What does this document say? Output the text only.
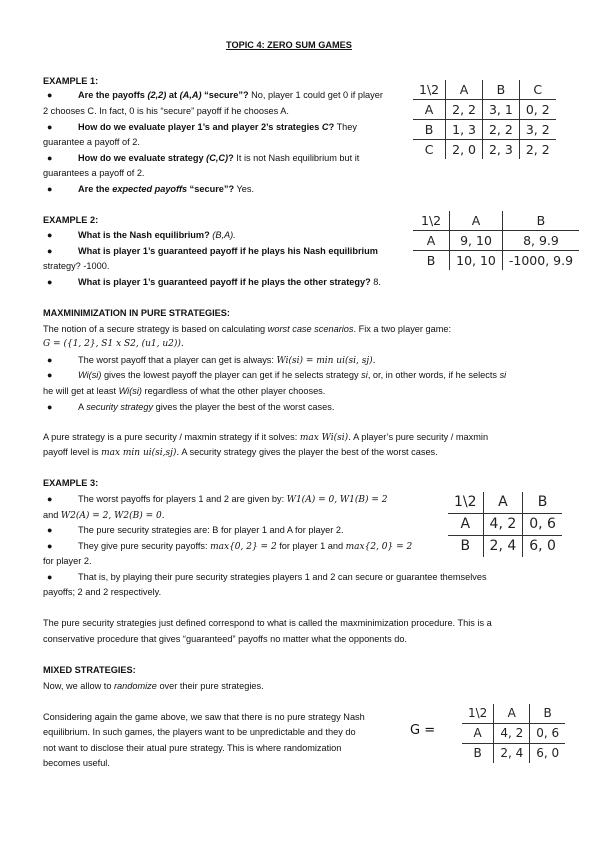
TOPIC 4: ZERO SUM GAMES
EXAMPLE 1:
●	Are the payoffs (2,2) at (A,A) “secure”? No, player 1 could get 0 if player
2 chooses C. In fact, 0 is his “secure” payoff if he chooses A.
●	How do we evaluate player 1’s and player 2’s strategies C? They
guarantee a payoff of 2.
●	How do we evaluate strategy (C,C)? It is not Nash equilibrium but it
guarantees a payoff of 2.
●	Are the expected payoffs “secure”? Yes.
1\2	A	B	C
A	2, 2	3, 1	0, 2
B	1, 3	2, 2	3, 2
C	2, 0	2, 3	2, 2
EXAMPLE 2:
●	What is the Nash equilibrium? (B,A).
●	What is player 1’s guaranteed payoff if he plays his Nash equilibrium
strategy? -1000.
●	What is player 1’s guaranteed payoff if he plays the other strategy? 8.
1\2	A	B
A	9, 10	8, 9.9
B	10, 10	-1000, 9.9
MAXMINIMIZATION IN PURE STRATEGIES:
The notion of a secure strategy is based on calculating worst case scenarios. Fix a two player game:
G = ({1, 2}, S1 x S2, (u1, u2)).
●	The worst payoff that a player can get is always: Wi(si) = min ui(si, sj).
●	Wi(si) gives the lowest payoff the player can get if he selects strategy si, or, in other words, if he selects si
he will get at least Wi(si) regardless of what the other player chooses.
●	A security strategy gives the player the best of the worst cases.
A pure strategy is a pure security / maxmin strategy if it solves: max Wi(si). A player’s pure security / maxmin
payoff level is max min ui(si,sj). A security strategy gives the player the best of the worst cases.
EXAMPLE 3:
●	The worst payoffs for players 1 and 2 are given by: W1(A) = 0, W1(B) = 2
and W2(A) = 2, W2(B) = 0.
●	The pure security strategies are: B for player 1 and A for player 2.
●	They give pure security payoffs: max{0, 2} = 2 for player 1 and max{2, 0} = 2
for player 2.
●	That is, by playing their pure security strategies players 1 and 2 can secure or guarantee themselves
payoffs; 2 and 2 respectively.
1\2	A	B
A	4, 2	0, 6
B	2, 4	6, 0
The pure security strategies just defined correspond to what is called the maxminimization procedure. This is a
conservative procedure that gives “guaranteed” payoffs no matter what the opponents do.
MIXED STRATEGIES:
Now, we allow to randomize over their pure strategies.
Considering again the game above, we saw that there is no pure strategy Nash
equilibrium. In such games, the players want to be unpredictable and they do
not want to disclose their atual pure strategy. This is where randomization
becomes useful.
G =
1\2	A	B
A	4, 2	0, 6
B	2, 4	6, 0
